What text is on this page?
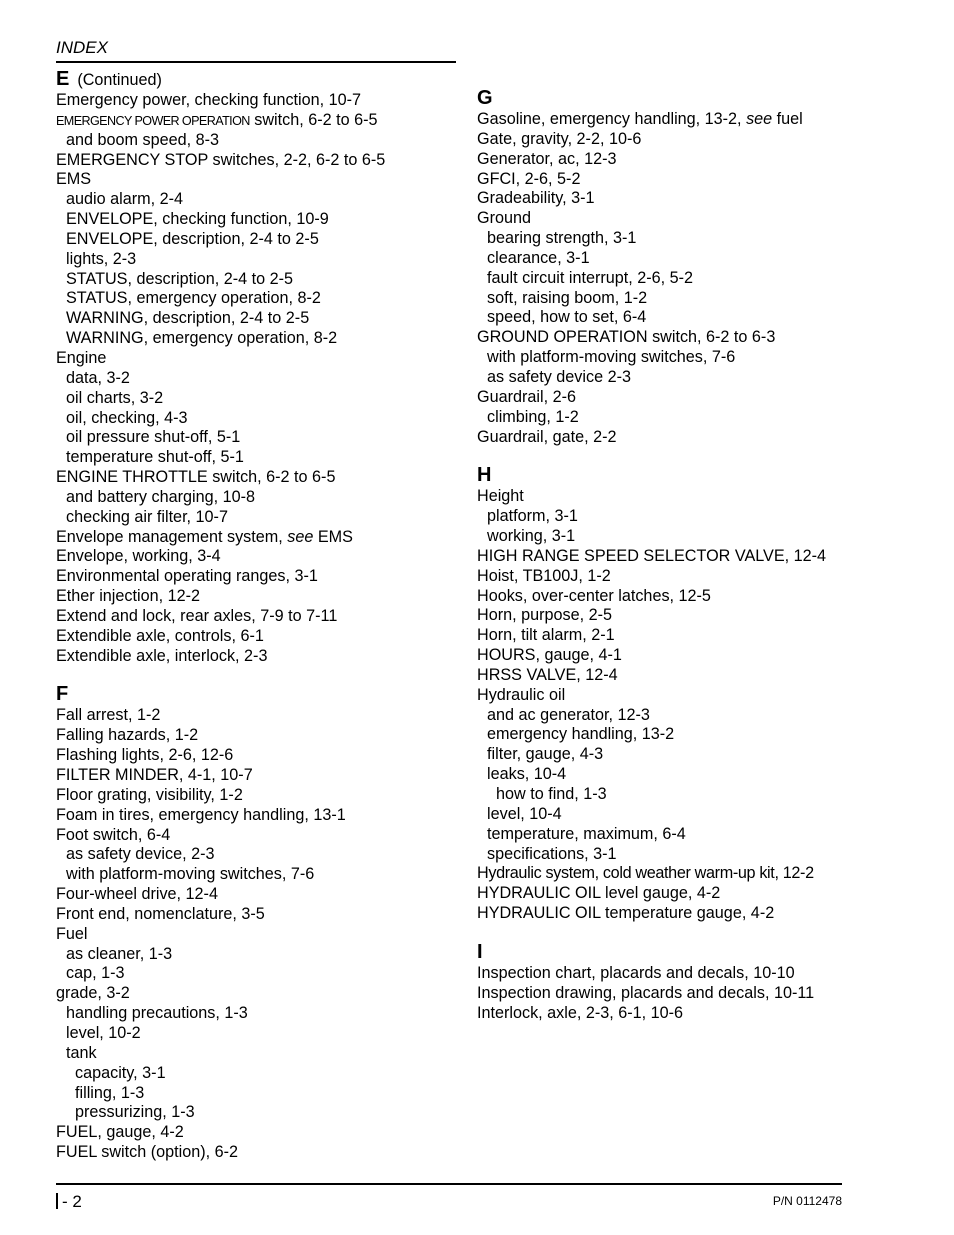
INDEX
E (Continued)
Emergency power, checking function, 10-7
EMERGENCY POWER OPERATION switch, 6-2 to 6-5
and boom speed, 8-3
EMERGENCY STOP switches, 2-2, 6-2 to 6-5
EMS
audio alarm, 2-4
ENVELOPE, checking function, 10-9
ENVELOPE, description, 2-4 to 2-5
lights, 2-3
STATUS, description, 2-4 to 2-5
STATUS, emergency operation, 8-2
WARNING, description, 2-4 to 2-5
WARNING, emergency operation, 8-2
Engine
data, 3-2
oil charts, 3-2
oil, checking, 4-3
oil pressure shut-off, 5-1
temperature shut-off, 5-1
ENGINE THROTTLE switch, 6-2 to 6-5
and battery charging, 10-8
checking air filter, 10-7
Envelope management system, see EMS
Envelope, working, 3-4
Environmental operating ranges, 3-1
Ether injection, 12-2
Extend and lock, rear axles, 7-9 to 7-11
Extendible axle, controls, 6-1
Extendible axle, interlock, 2-3
F
Fall arrest, 1-2
Falling hazards, 1-2
Flashing lights, 2-6, 12-6
FILTER MINDER, 4-1, 10-7
Floor grating, visibility, 1-2
Foam in tires, emergency handling, 13-1
Foot switch, 6-4
as safety device, 2-3
with platform-moving switches, 7-6
Four-wheel drive, 12-4
Front end, nomenclature, 3-5
Fuel
as cleaner, 1-3
cap, 1-3
grade, 3-2
handling precautions, 1-3
level, 10-2
tank
capacity, 3-1
filling, 1-3
pressurizing, 1-3
FUEL, gauge, 4-2
FUEL switch (option), 6-2
G
Gasoline, emergency handling, 13-2, see fuel
Gate, gravity, 2-2, 10-6
Generator, ac, 12-3
GFCI, 2-6, 5-2
Gradeability, 3-1
Ground
bearing strength, 3-1
clearance, 3-1
fault circuit interrupt, 2-6, 5-2
soft, raising boom, 1-2
speed, how to set, 6-4
GROUND OPERATION switch, 6-2 to 6-3
with platform-moving switches, 7-6
as safety device 2-3
Guardrail, 2-6
climbing, 1-2
Guardrail, gate, 2-2
H
Height
platform, 3-1
working, 3-1
HIGH RANGE SPEED SELECTOR VALVE, 12-4
Hoist, TB100J, 1-2
Hooks, over-center latches, 12-5
Horn, purpose, 2-5
Horn, tilt alarm, 2-1
HOURS, gauge, 4-1
HRSS VALVE, 12-4
Hydraulic oil
and ac generator, 12-3
emergency handling, 13-2
filter, gauge, 4-3
leaks, 10-4
how to find, 1-3
level, 10-4
temperature, maximum, 6-4
specifications, 3-1
Hydraulic system, cold weather warm-up kit, 12-2
HYDRAULIC OIL level gauge, 4-2
HYDRAULIC OIL temperature gauge, 4-2
I
Inspection chart, placards and decals, 10-10
Inspection drawing, placards and decals, 10-11
Interlock, axle, 2-3, 6-1, 10-6
- 2	P/N 0112478
